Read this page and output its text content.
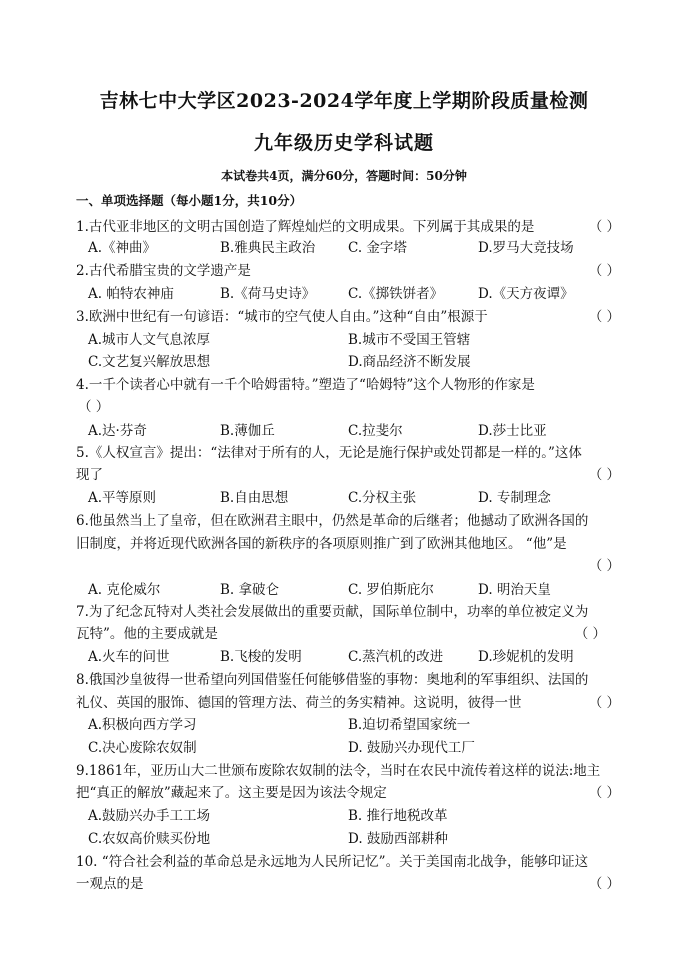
吉林七中大学区2023-2024学年度上学期阶段质量检测
九年级历史学科试题
本试卷共4页，满分60分，答题时间：50分钟
一、单项选择题（每小题1分，共10分）
1.古代亚非地区的文明古国创造了辉煌灿烂的文明成果。下列属于其成果的是	（ ）
A.《神曲》	B.雅典民主政治 C. 金字塔	D.罗马大竞技场
2.古代希腊宝贵的文学遗产是	（ ）
A. 帕特农神庙	B.《荷马史诗》 C.《掷铁饼者》	D.《天方夜谭》
3.欧洲中世纪有一句谚语：“城市的空气使人自由。”这种“自由”根源于	（ ）
A.城市人文气息浓厚	B.城市不受国王管辖
C.文艺复兴解放思想	D.商品经济不断发展
4.一千个读者心中就有一千个哈姆雷特。”塑造了“哈姆特”这个人物形的作家是
（ ）
A.达·芬奇	B.薄伽丘	C.拉斐尔	D.莎士比亚
5.《人权宣言》提出：“法律对于所有的人，无论是施行保护或处罚都是一样的。”这体
现了	（ ）
A.平等原则	B.自由思想	C.分权主张	D. 专制理念
6.他虽然当上了皇帝，但在欧洲君主眼中，仍然是革命的后继者；他撼动了欧洲各国的
旧制度，并将近现代欧洲各国的新秩序的各项原则推广到了欧洲其他地区。 “他”是
（ ）
A. 克伦威尔	B. 拿破仑	C. 罗伯斯庇尔	D. 明治天皇
7.为了纪念瓦特对人类社会发展做出的重要贡献，国际单位制中，功率的单位被定义为
瓦特”。他的主要成就是	（ ）
A.火车的问世	B.飞梭的发明	C.蒸汽机的改进	D.珍妮机的发明
8.俄国沙皇彼得一世希望向列国借鉴任何能够借鉴的事物：奥地利的军事组织、法国的
礼仪、英国的服饰、德国的管理方法、荷兰的务实精神。这说明，彼得一世	（ ）
A.积极向西方学习	B.迫切希望国家统一
C.决心废除农奴制	D. 鼓励兴办现代工厂
9.1861年，亚历山大二世颁布废除农奴制的法令，当时在农民中流传着这样的说法:地主
把“真正的解放”藏起来了。这主要是因为该法令规定	（ ）
A.鼓励兴办手工工场	B. 推行地税改革
C.农奴高价赎买份地	D. 鼓励西部耕种
10. “符合社会利益的革命总是永远地为人民所记忆”。关于美国南北战争，能够印证这
一观点的是	（ ）
